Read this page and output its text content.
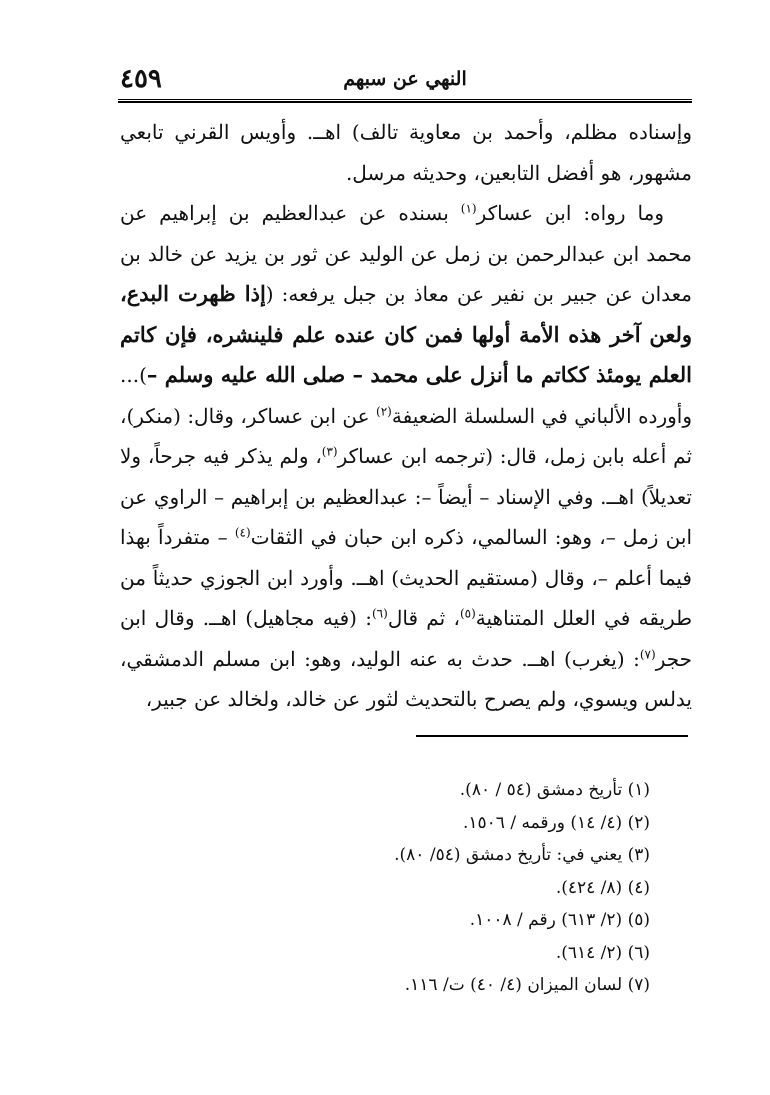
النهي عن سبهم
٤٥٩

وإسناده مظلم، وأحمد بن معاوية تالف) اهــ. وأويس القرني تابعي مشهور، هو أفضل التابعين، وحديثه مرسل.

وما رواه: ابن عساكر$^{(١)}$ بسنده عن عبدالعظيم بن إبراهيم عن محمد ابن عبدالرحمن بن زمل عن الوليد عن ثور بن يزيد عن خالد بن معدان عن جبير بن نفير عن معاذ بن جبل يرفعه: (إذا ظهرت البدع، ولعن آخر هذه الأمة أولها فمن كان عنده علم فلينشره، فإن كاتم العلم يومئذ ككاتم ما أنزل على محمد – صلى الله عليه وسلم –)... وأورده الألباني في السلسلة الضعيفة$^{(٢)}$ عن ابن عساكر، وقال: (منكر)، ثم أعله بابن زمل، قال: (ترجمه ابن عساكر$^{(٣)}$، ولم يذكر فيه جرحاً، ولا تعديلاً) اهــ. وفي الإسناد – أيضاً –: عبدالعظيم بن إبراهيم – الراوي عن ابن زمل –، وهو: السالمي، ذكره ابن حبان في الثقات$^{(٤)}$ – متفرداً بهذا فيما أعلم –، وقال (مستقيم الحديث) اهــ. وأورد ابن الجوزي حديثاً من طريقه في العلل المتناهية$^{(٥)}$، ثم قال$^{(٦)}$: (فيه مجاهيل) اهــ. وقال ابن حجر$^{(٧)}$: (يغرب) اهــ. حدث به عنه الوليد، وهو: ابن مسلم الدمشقي، يدلس ويسوي، ولم يصرح بالتحديث لثور عن خالد، ولخالد عن جبير،

(١) تأريخ دمشق (٥٤ / ٨٠).
(٢) (٤/ ١٤) ورقمه / ١٥٠٦.
(٣) يعني في: تأريخ دمشق (٥٤/ ٨٠).
(٤) (٨/ ٤٢٤).
(٥) (٢/ ٦١٣) رقم / ١٠٠٨.
(٦) (٢/ ٦١٤).
(٧) لسان الميزان (٤/ ٤٠) ت/ ١١٦.
